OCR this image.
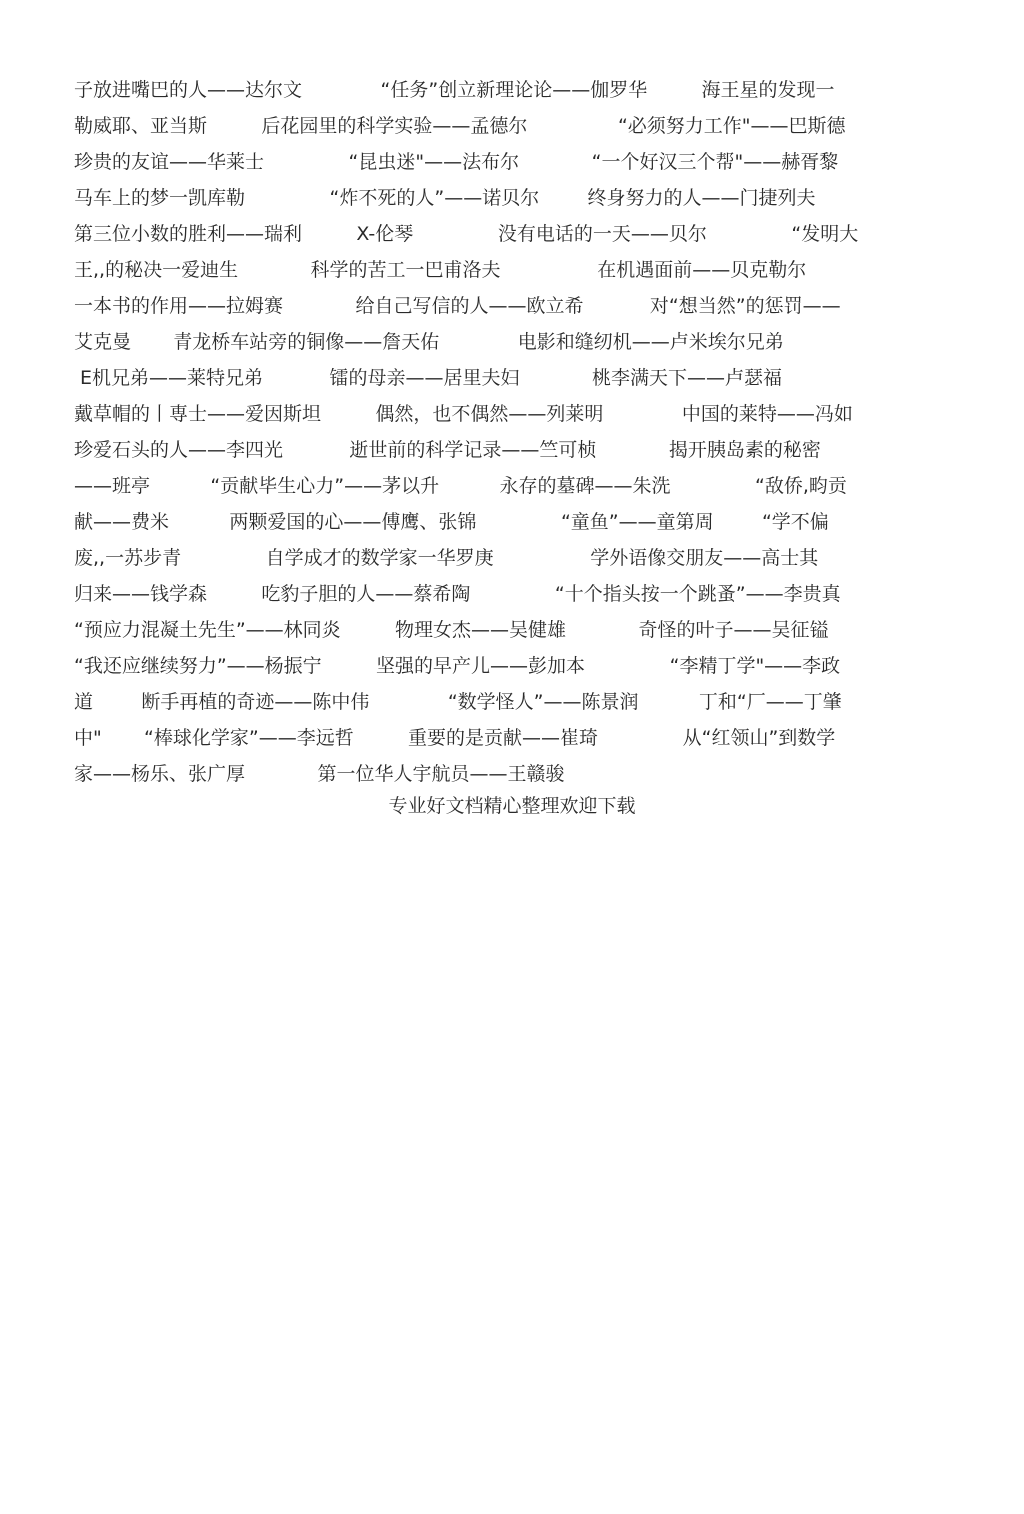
子放进嘴巴的人——达尔文             “任务”创立新理论论——伽罗华         海王星的发现一
勒威耶、亚当斯         后花园里的科学实验——孟德尔               “必须努力工作"——巴斯德
珍贵的友谊——华莱士              “昆虫迷"——法布尔            “一个好汉三个帮"——赫胥黎
马车上的梦一凯库勒              “炸不死的人”——诺贝尔        终身努力的人——门捷列夫
第三位小数的胜利——瑞利         X-伦琴              没有电话的一天——贝尔              “发明大
王,,的秘决一爱迪生            科学的苦工一巴甫洛夫                在机遇面前——贝克勒尔
一本书的作用——拉姆赛            给自己写信的人——欧立希           对“想当然”的惩罚——
艾克曼       青龙桥车站旁的铜像——詹天佑             电影和缝纫机——卢米埃尔兄弟
E机兄弟——莱特兄弟           镭的母亲——居里夫妇            桃李满天下——卢瑟福
戴草帽的丨専士——爱因斯坦         偶然，也不偶然——列莱明             中国的莱特——冯如
珍爱石头的人——李四光           逝世前的科学记录——竺可桢            揭开胰岛素的秘密
——班亭          “贡献毕生心力”——茅以升          永存的墓碑——朱洗              “敌侨,畇贡
献——费米          两颗爱国的心——傅鹰、张锦              “童鱼”——童第周        “学不偏
废,,一苏步青              自学成才的数学家一华罗庚                学外语像交朋友——高士其
归来——钱学森         吃豹子胆的人——蔡希陶              “十个指头按一个跳蚤”——李贵真
“预应力混凝土先生”——林同炎         物理女杰——吴健雄            奇怪的叶子——吴征镒
“我还应继续努力”——杨振宁         坚强的早产儿——彭加本              “李精丁学"——李政
道        断手再植的奇迹——陈中伟             “数学怪人”——陈景润          丁和“厂——丁肇
中"       “棒球化学家”——李远哲         重要的是贡献——崔琦              从“红领山”到数学
家——杨乐、张广厚            第一位华人宇航员——王赣骏
专业好文档精心整理欢迎下载
